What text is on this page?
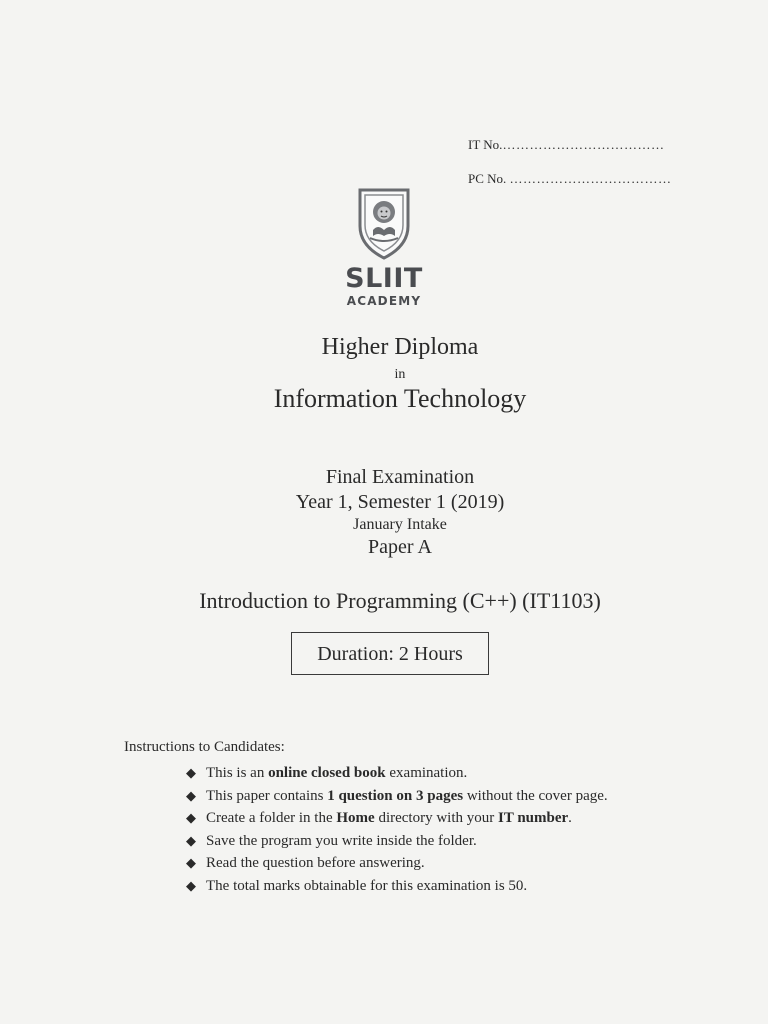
IT No.………………………………
PC No. ………………………………
SLIIT
ACADEMY
Higher Diploma
in
Information Technology
Final Examination
Year 1, Semester 1 (2019)
January Intake
Paper A
Introduction to Programming (C++) (IT1103)
Duration: 2 Hours
Instructions to Candidates:
◆ This is an online closed book examination.
◆ This paper contains 1 question on 3 pages without the cover page.
◆ Create a folder in the Home directory with your IT number.
◆ Save the program you write inside the folder.
◆ Read the question before answering.
◆ The total marks obtainable for this examination is 50.
